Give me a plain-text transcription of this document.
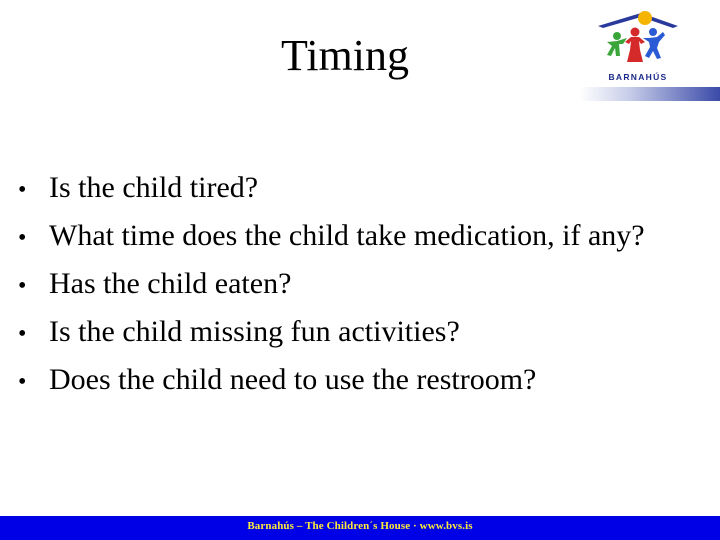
Timing	BARNAHÚS
• Is the child tired?
• What time does the child take medication, if any?
• Has the child eaten?
• Is the child missing fun activities?
• Does the child need to use the restroom?
Barnahús – The Children´s House · www.bvs.is
